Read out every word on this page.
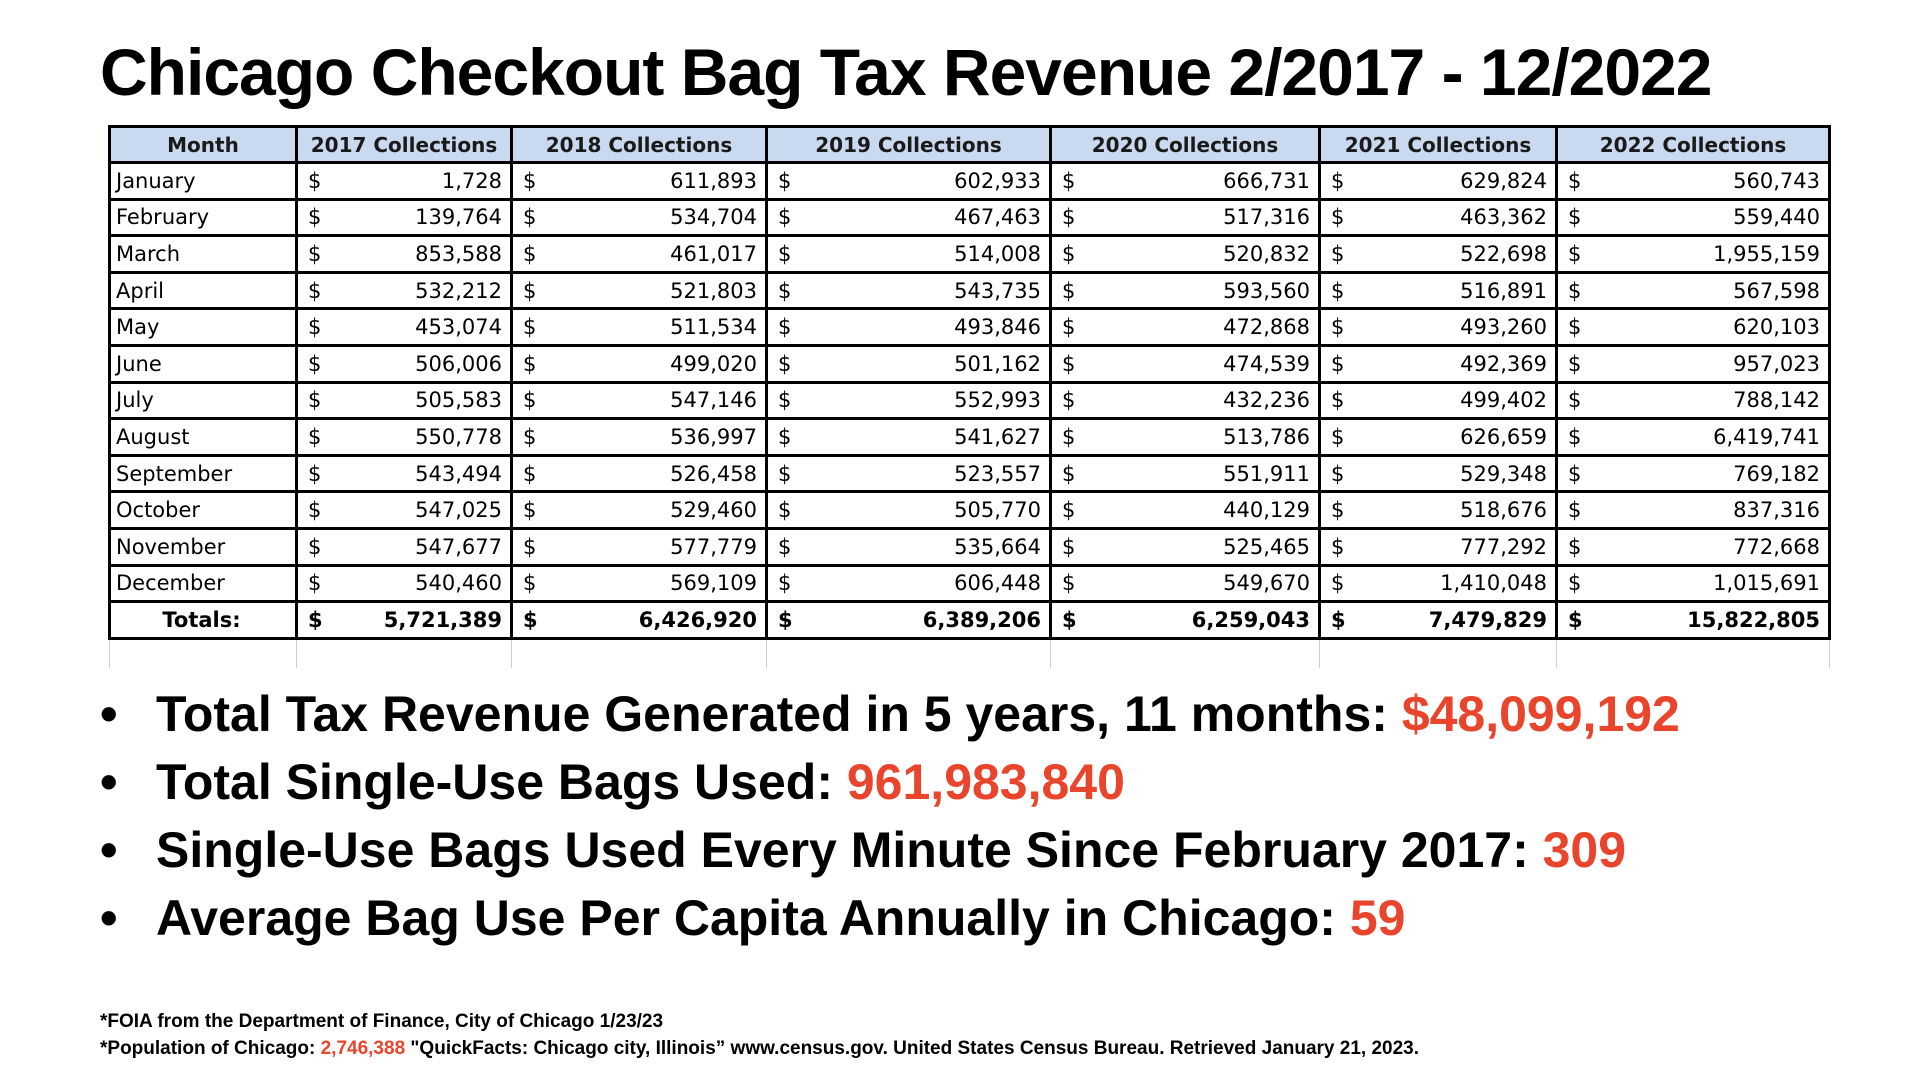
Chicago Checkout Bag Tax Revenue 2/2017 - 12/2022
Month	2017 Collections	2018 Collections	2019 Collections	2020 Collections	2021 Collections	2022 Collections
January	$ 1,728	$ 611,893	$ 602,933	$ 666,731	$ 629,824	$ 560,743

February	$ 139,764	$ 534,704	$ 467,463	$ 517,316	$ 463,362	$ 559,440

March	$ 853,588	$ 461,017	$ 514,008	$ 520,832	$ 522,698	$ 1,955,159

April	$ 532,212	$ 521,803	$ 543,735	$ 593,560	$ 516,891	$ 567,598

May	$ 453,074	$ 511,534	$ 493,846	$ 472,868	$ 493,260	$ 620,103

June	$ 506,006	$ 499,020	$ 501,162	$ 474,539	$ 492,369	$ 957,023

July	$ 505,583	$ 547,146	$ 552,993	$ 432,236	$ 499,402	$ 788,142

August	$ 550,778	$ 536,997	$ 541,627	$ 513,786	$ 626,659	$ 6,419,741

September	$ 543,494	$ 526,458	$ 523,557	$ 551,911	$ 529,348	$ 769,182

October	$ 547,025	$ 529,460	$ 505,770	$ 440,129	$ 518,676	$ 837,316

November	$ 547,677	$ 577,779	$ 535,664	$ 525,465	$ 777,292	$ 772,668

December	$ 540,460	$ 569,109	$ 606,448	$ 549,670	$ 1,410,048	$ 1,015,691

Totals:	$ 5,721,389	$ 6,426,920	$ 6,389,206	$ 6,259,043	$ 7,479,829	$ 15,822,805

• Total Tax Revenue Generated in 5 years, 11 months: $48,099,192
• Total Single-Use Bags Used: 961,983,840
• Single-Use Bags Used Every Minute Since February 2017: 309
• Average Bag Use Per Capita Annually in Chicago: 59
*FOIA from the Department of Finance, City of Chicago 1/23/23
*Population of Chicago: 2,746,388 "QuickFacts: Chicago city, Illinois” www.census.gov. United States Census Bureau. Retrieved January 21, 2023.
